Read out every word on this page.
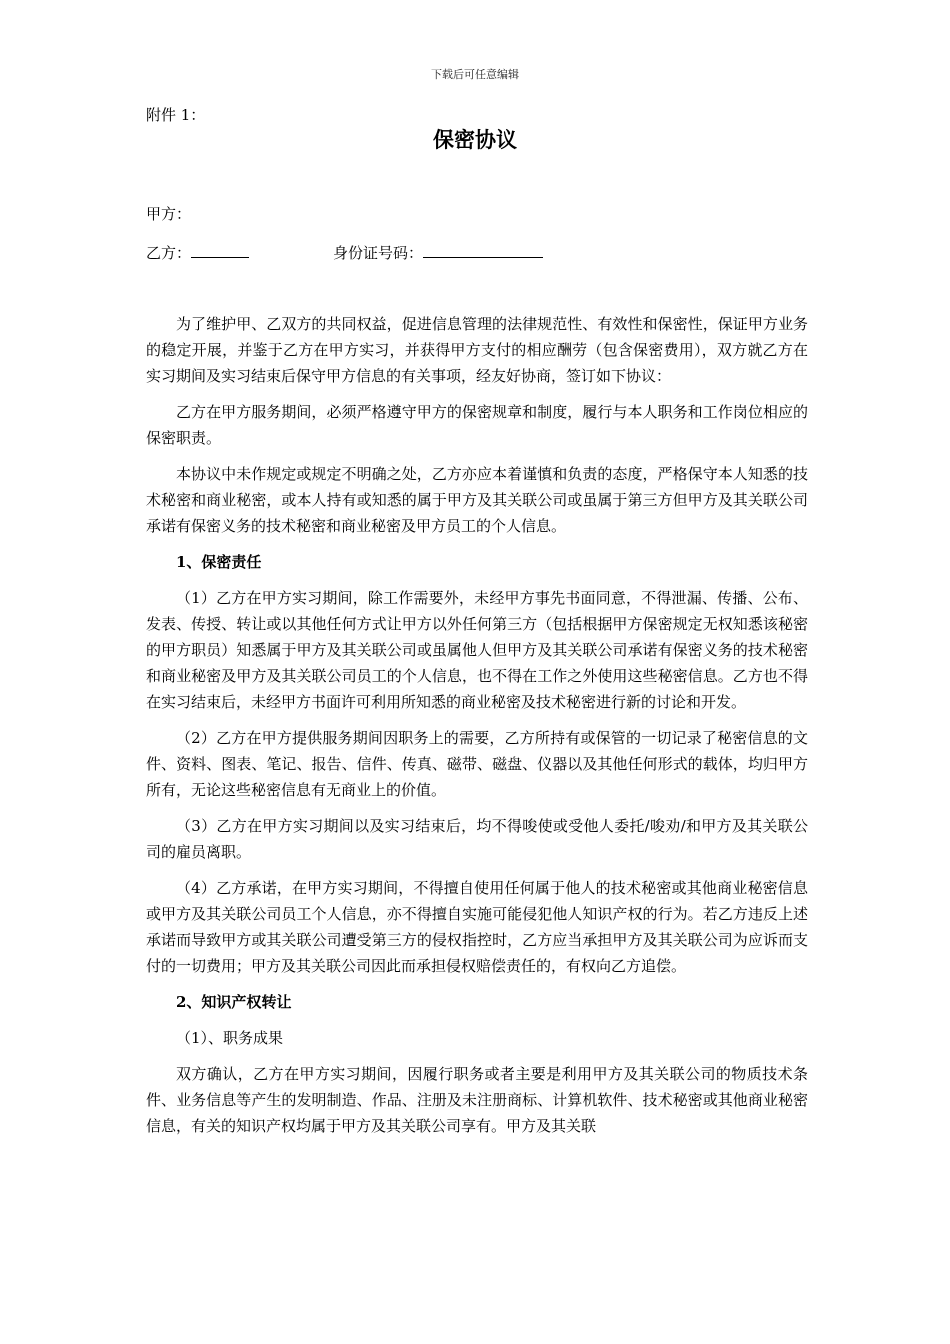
下载后可任意编辑
附件 1：
保密协议
甲方：
乙方：	身份证号码：

为了维护甲、乙双方的共同权益，促进信息管理的法律规范性、有效性和保密性，保证甲方业务的稳定开展，并鉴于乙方在甲方实习，并获得甲方支付的相应酬劳（包含保密费用），双方就乙方在实习期间及实习结束后保守甲方信息的有关事项，经友好协商，签订如下协议：

乙方在甲方服务期间，必须严格遵守甲方的保密规章和制度，履行与本人职务和工作岗位相应的保密职责。

本协议中未作规定或规定不明确之处，乙方亦应本着谨慎和负责的态度，严格保守本人知悉的技术秘密和商业秘密，或本人持有或知悉的属于甲方及其关联公司或虽属于第三方但甲方及其关联公司承诺有保密义务的技术秘密和商业秘密及甲方员工的个人信息。

1、保密责任

（1）乙方在甲方实习期间，除工作需要外，未经甲方事先书面同意，不得泄漏、传播、公布、发表、传授、转让或以其他任何方式让甲方以外任何第三方（包括根据甲方保密规定无权知悉该秘密的甲方职员）知悉属于甲方及其关联公司或虽属他人但甲方及其关联公司承诺有保密义务的技术秘密和商业秘密及甲方及其关联公司员工的个人信息，也不得在工作之外使用这些秘密信息。乙方也不得在实习结束后，未经甲方书面许可利用所知悉的商业秘密及技术秘密进行新的讨论和开发。

（2）乙方在甲方提供服务期间因职务上的需要，乙方所持有或保管的一切记录了秘密信息的文件、资料、图表、笔记、报告、信件、传真、磁带、磁盘、仪器以及其他任何形式的载体，均归甲方所有，无论这些秘密信息有无商业上的价值。

（3）乙方在甲方实习期间以及实习结束后，均不得唆使或受他人委托/唆劝/和甲方及其关联公司的雇员离职。

（4）乙方承诺，在甲方实习期间，不得擅自使用任何属于他人的技术秘密或其他商业秘密信息或甲方及其关联公司员工个人信息，亦不得擅自实施可能侵犯他人知识产权的行为。若乙方违反上述承诺而导致甲方或其关联公司遭受第三方的侵权指控时，乙方应当承担甲方及其关联公司为应诉而支付的一切费用；甲方及其关联公司因此而承担侵权赔偿责任的，有权向乙方追偿。

2、知识产权转让

（1）、职务成果

双方确认，乙方在甲方实习期间，因履行职务或者主要是利用甲方及其关联公司的物质技术条件、业务信息等产生的发明制造、作品、注册及未注册商标、计算机软件、技术秘密或其他商业秘密信息，有关的知识产权均属于甲方及其关联公司享有。甲方及其关联
